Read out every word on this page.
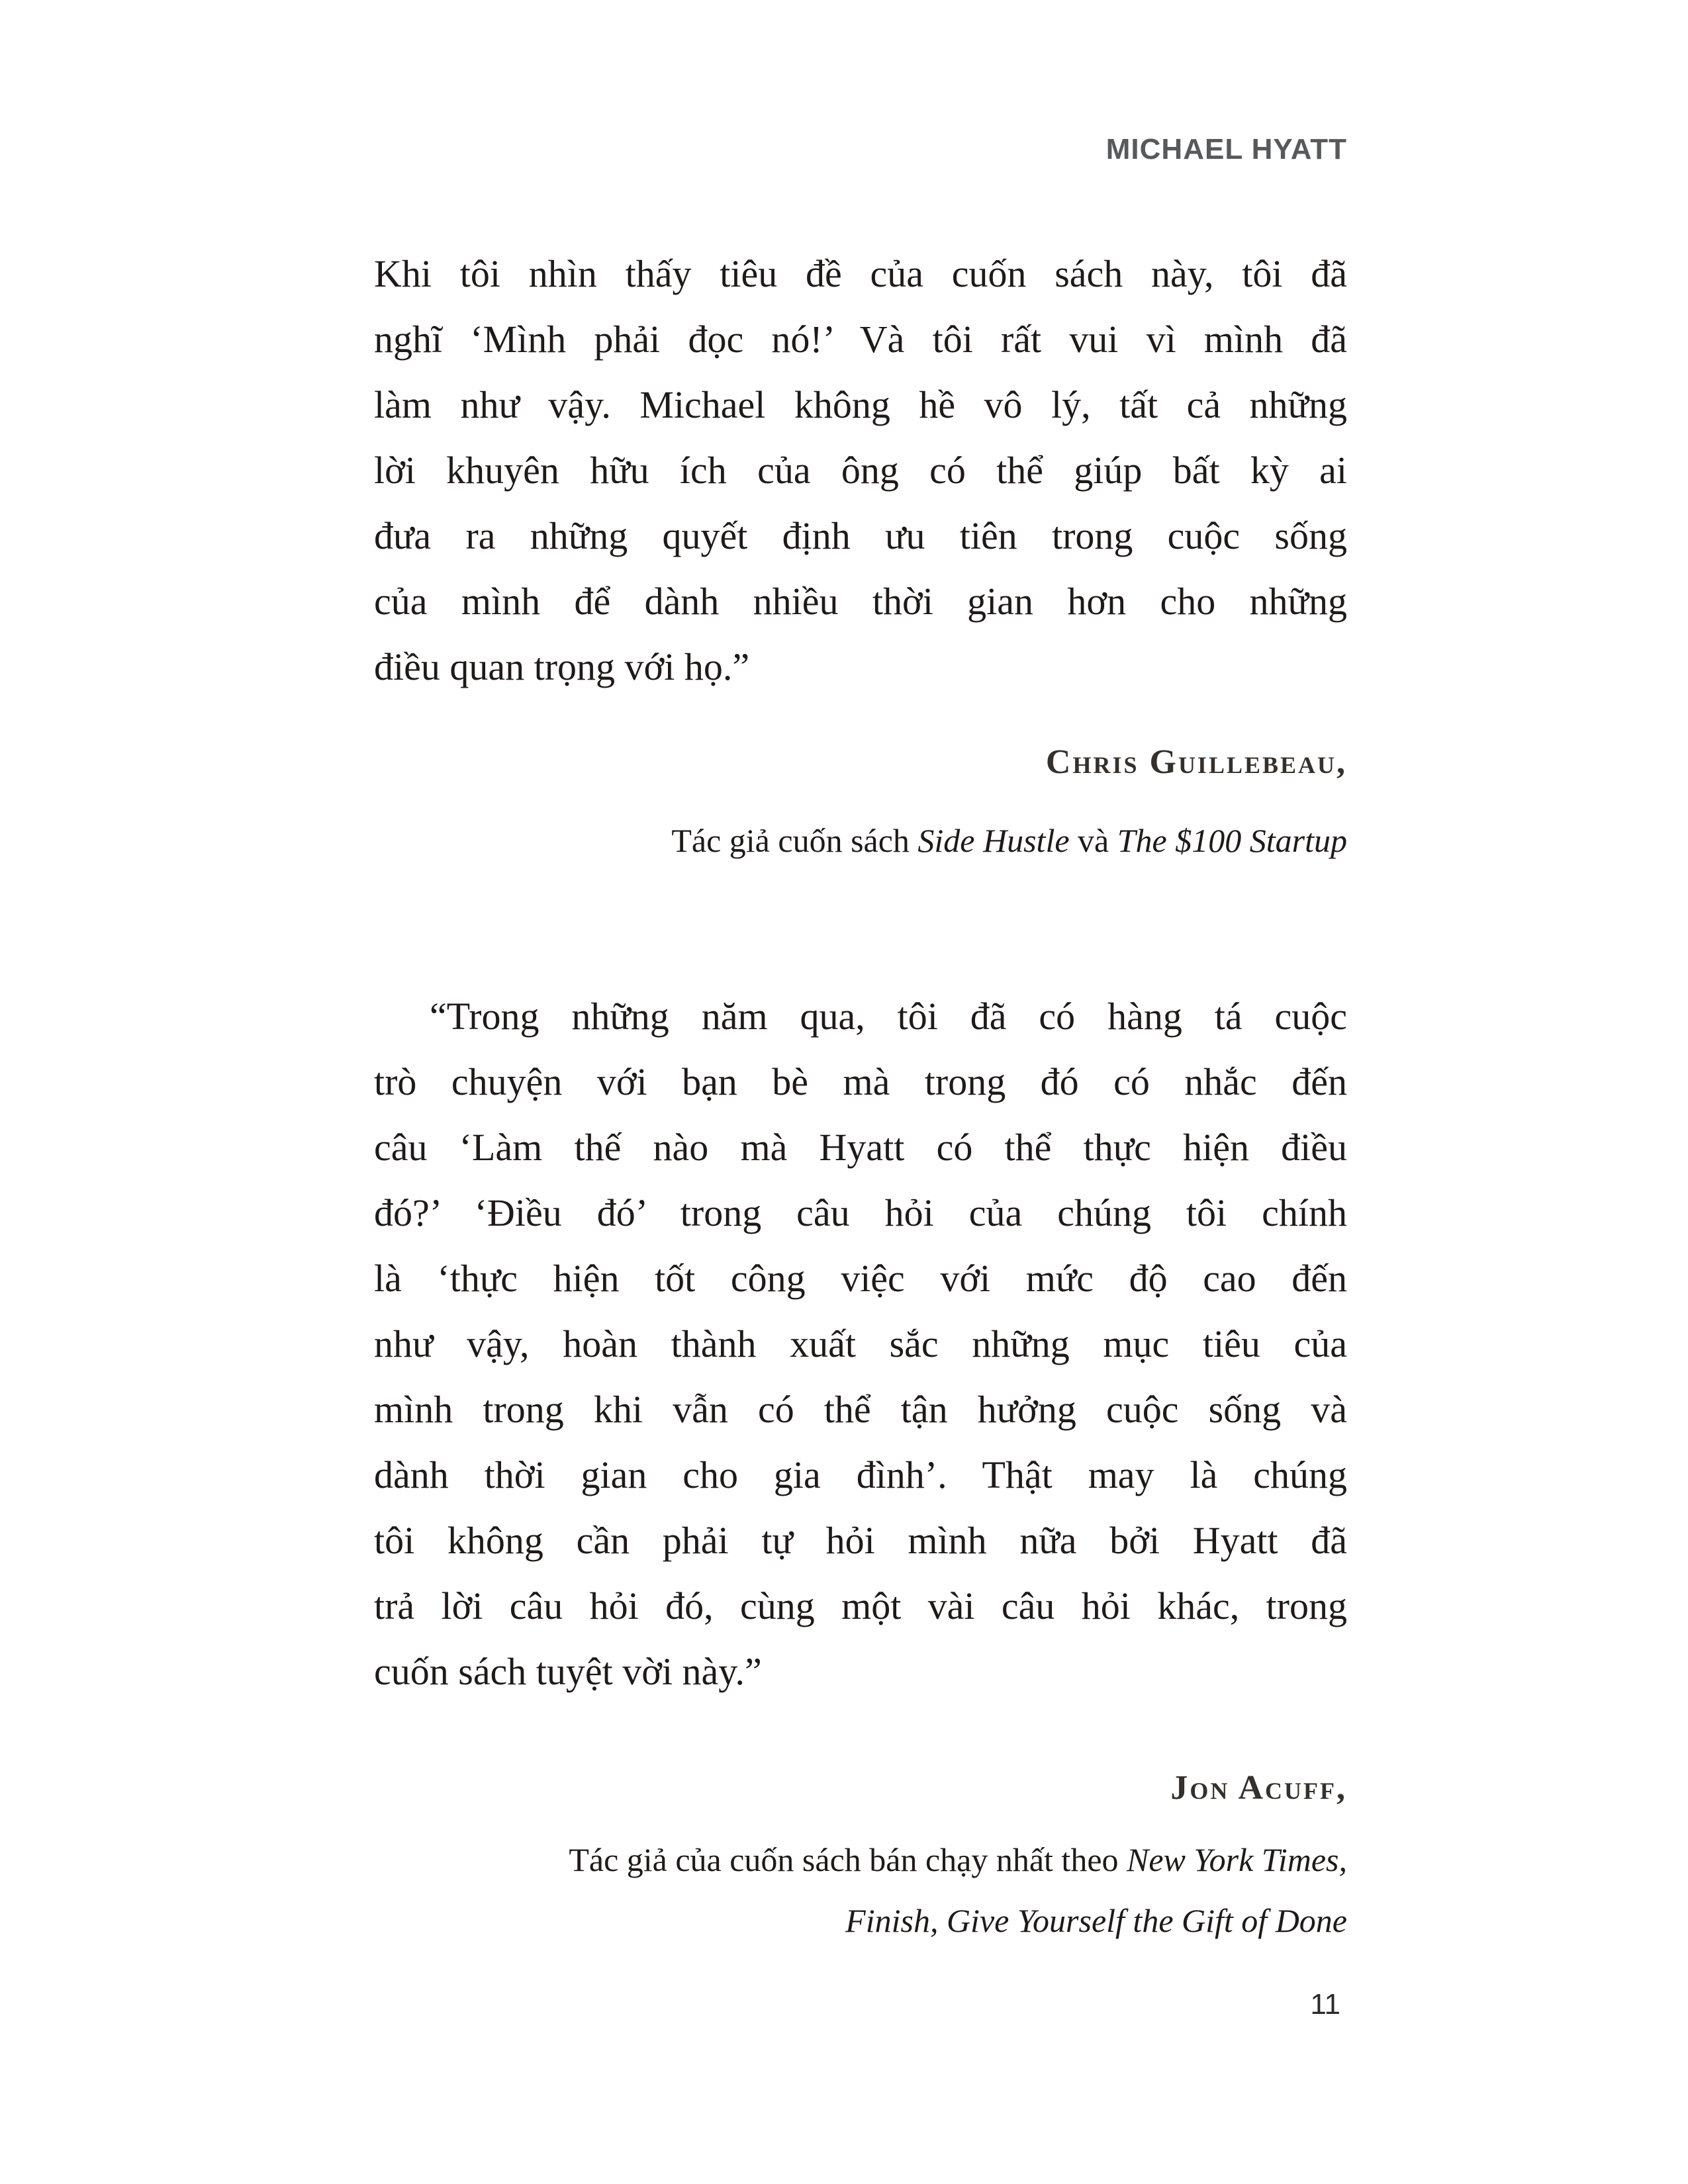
MICHAEL HYATT
Khi tôi nhìn thấy tiêu đề của cuốn sách này, tôi đã
nghĩ ‘Mình phải đọc nó!’ Và tôi rất vui vì mình đã
làm như vậy. Michael không hề vô lý, tất cả những
lời khuyên hữu ích của ông có thể giúp bất kỳ ai
đưa ra những quyết định ưu tiên trong cuộc sống
của mình để dành nhiều thời gian hơn cho những
điều quan trọng với họ.”
Chris Guillebeau,
Tác giả cuốn sách Side Hustle và The $100 Startup
“Trong những năm qua, tôi đã có hàng tá cuộc
trò chuyện với bạn bè mà trong đó có nhắc đến
câu ‘Làm thế nào mà Hyatt có thể thực hiện điều
đó?’ ‘Điều đó’ trong câu hỏi của chúng tôi chính
là ‘thực hiện tốt công việc với mức độ cao đến
như vậy, hoàn thành xuất sắc những mục tiêu của
mình trong khi vẫn có thể tận hưởng cuộc sống và
dành thời gian cho gia đình’. Thật may là chúng
tôi không cần phải tự hỏi mình nữa bởi Hyatt đã
trả lời câu hỏi đó, cùng một vài câu hỏi khác, trong
cuốn sách tuyệt vời này.”
Jon Acuff,
Tác giả của cuốn sách bán chạy nhất theo New York Times,
Finish, Give Yourself the Gift of Done
11
